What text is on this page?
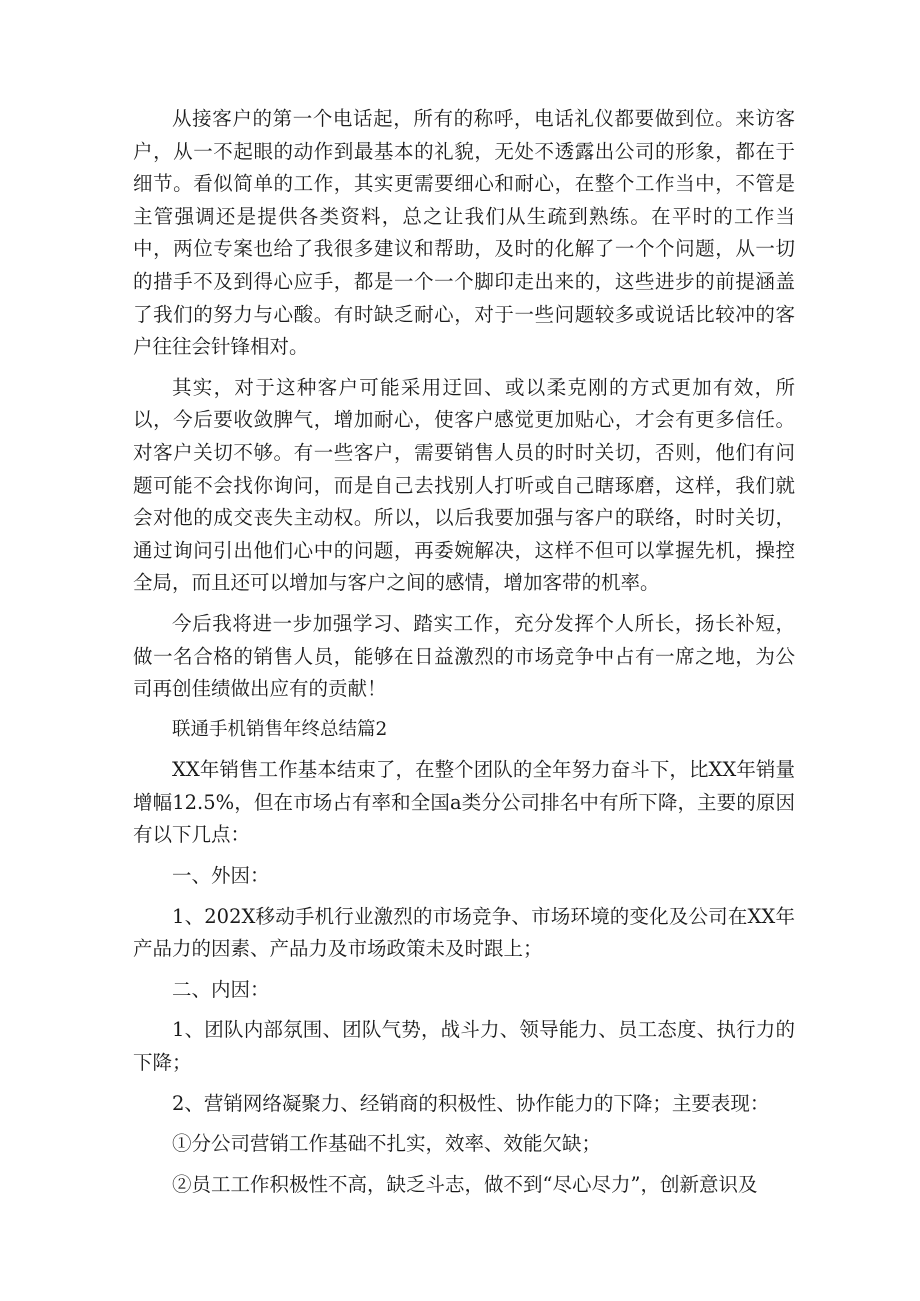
从接客户的第一个电话起，所有的称呼，电话礼仪都要做到位。来访客户，从一不起眼的动作到最基本的礼貌，无处不透露出公司的形象，都在于细节。看似简单的工作，其实更需要细心和耐心，在整个工作当中，不管是主管强调还是提供各类资料，总之让我们从生疏到熟练。在平时的工作当中，两位专案也给了我很多建议和帮助，及时的化解了一个个问题，从一切的措手不及到得心应手，都是一个一个脚印走出来的，这些进步的前提涵盖了我们的努力与心酸。有时缺乏耐心，对于一些问题较多或说话比较冲的客户往往会针锋相对。

其实，对于这种客户可能采用迂回、或以柔克刚的方式更加有效，所以，今后要收敛脾气，增加耐心，使客户感觉更加贴心，才会有更多信任。对客户关切不够。有一些客户，需要销售人员的时时关切，否则，他们有问题可能不会找你询问，而是自己去找别人打听或自己瞎琢磨，这样，我们就会对他的成交丧失主动权。所以，以后我要加强与客户的联络，时时关切，通过询问引出他们心中的问题，再委婉解决，这样不但可以掌握先机，操控全局，而且还可以增加与客户之间的感情，增加客带的机率。

今后我将进一步加强学习、踏实工作，充分发挥个人所长，扬长补短，做一名合格的销售人员，能够在日益激烈的市场竞争中占有一席之地，为公司再创佳绩做出应有的贡献！

联通手机销售年终总结篇2

XX年销售工作基本结束了，在整个团队的全年努力奋斗下，比XX年销量增幅12.5%，但在市场占有率和全国a类分公司排名中有所下降，主要的原因有以下几点：

一、外因：

1、202X移动手机行业激烈的市场竞争、市场环境的变化及公司在XX年产品力的因素、产品力及市场政策未及时跟上；

二、内因：

1、团队内部氛围、团队气势，战斗力、领导能力、员工态度、执行力的下降；

2、营销网络凝聚力、经销商的积极性、协作能力的下降；主要表现：

①分公司营销工作基础不扎实，效率、效能欠缺；

②员工工作积极性不高，缺乏斗志，做不到“尽心尽力”，创新意识及
